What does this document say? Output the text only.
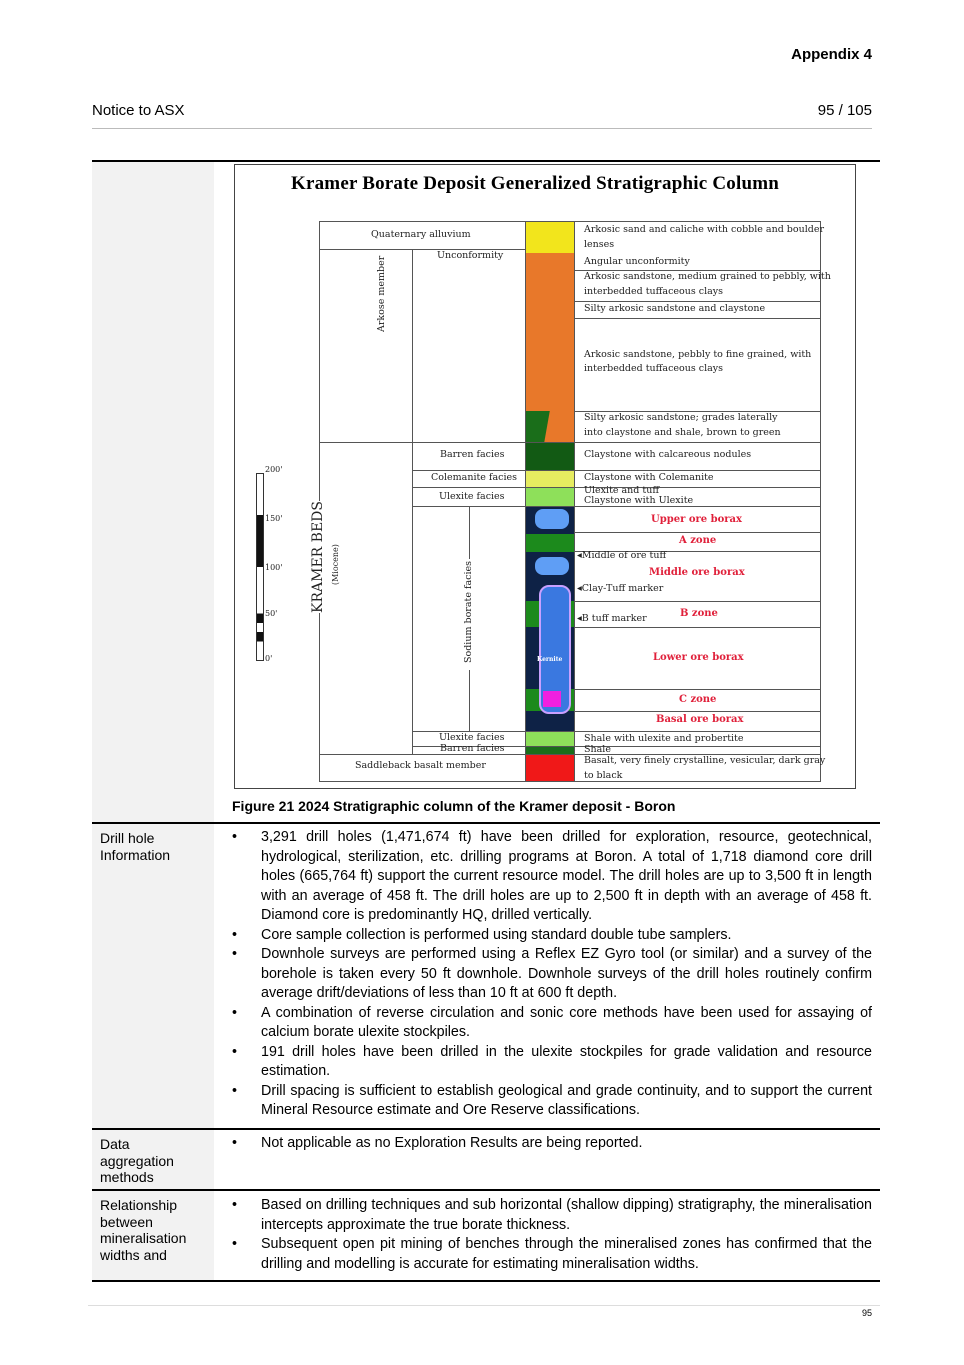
Appendix 4
Notice to ASX	95 / 105
Drill hole Information
Data aggregation methods
Relationship between mineralisation widths and
Kramer Borate Deposit Generalized Stratigraphic Column
Kernite
Quaternary alluvium
Saddleback basalt member
Arkose member
KRAMER BEDS (Miocene)
Unconformity
Barren facies
Colemanite facies
Ulexite facies
Sodium borate facies
Ulexite facies
Barren facies
Arkosic sand and caliche with cobble and boulder
lenses
Angular unconformity
Arkosic sandstone, medium grained to pebbly, with
interbedded tuffaceous clays
Silty arkosic sandstone and claystone
Arkosic sandstone, pebbly to fine grained, with
interbedded tuffaceous clays
Silty arkosic sandstone; grades laterally
into claystone and shale, brown to green
Claystone with calcareous nodules
Claystone with Colemanite
Ulexite and tuff
Claystone with Ulexite
Shale with ulexite and probertite
Shale
Basalt, very finely crystalline, vesicular, dark gray
to black
Upper ore borax
A zone
Middle ore borax
B zone
Lower ore borax
C zone
Basal ore borax
◂Middle of ore tuff
◂Clay-Tuff marker
◂B tuff marker
200'
150'
100'
50'
0'
Figure 21 2024 Stratigraphic column of the Kramer deposit - Boron
• 3,291 drill holes (1,471,674 ft) have been drilled for exploration, resource, geotechnical, hydrological, sterilization, etc. drilling programs at Boron. A total of 1,718 diamond core drill holes (665,764 ft) support the current resource model. The drill holes are up to 3,500 ft in length with an average of 458 ft. The drill holes are up to 2,500 ft in depth with an average of 458 ft. Diamond core is predominantly HQ, drilled vertically.
• Core sample collection is performed using standard double tube samplers.
• Downhole surveys are performed using a Reflex EZ Gyro tool (or similar) and a survey of the borehole is taken every 50 ft downhole. Downhole surveys of the drill holes routinely confirm average drift/deviations of less than 10 ft at 600 ft depth.
• A combination of reverse circulation and sonic core methods have been used for assaying of calcium borate ulexite stockpiles.
• 191 drill holes have been drilled in the ulexite stockpiles for grade validation and resource estimation.
• Drill spacing is sufficient to establish geological and grade continuity, and to support the current Mineral Resource estimate and Ore Reserve classifications.
• Not applicable as no Exploration Results are being reported.
• Based on drilling techniques and sub horizontal (shallow dipping) stratigraphy, the mineralisation intercepts approximate the true borate thickness.
• Subsequent open pit mining of benches through the mineralised zones has confirmed that the drilling and modelling is accurate for estimating mineralisation widths.
95
